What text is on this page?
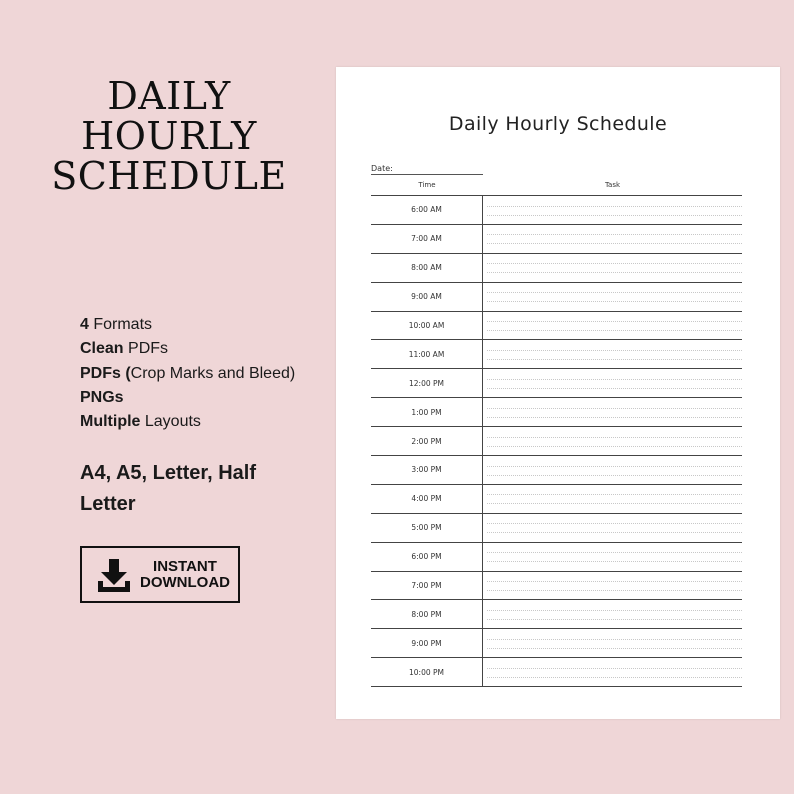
DAILY
HOURLY
SCHEDULE
4 Formats
Clean PDFs
PDFs (Crop Marks and Bleed)
PNGs
Multiple Layouts
A4, A5, Letter, Half Letter
INSTANT
DOWNLOAD
Daily Hourly Schedule
Date:
Time	Task
6:00 AM
7:00 AM
8:00 AM
9:00 AM
10:00 AM
11:00 AM
12:00 PM
1:00 PM
2:00 PM
3:00 PM
4:00 PM
5:00 PM
6:00 PM
7:00 PM
8:00 PM
9:00 PM
10:00 PM
